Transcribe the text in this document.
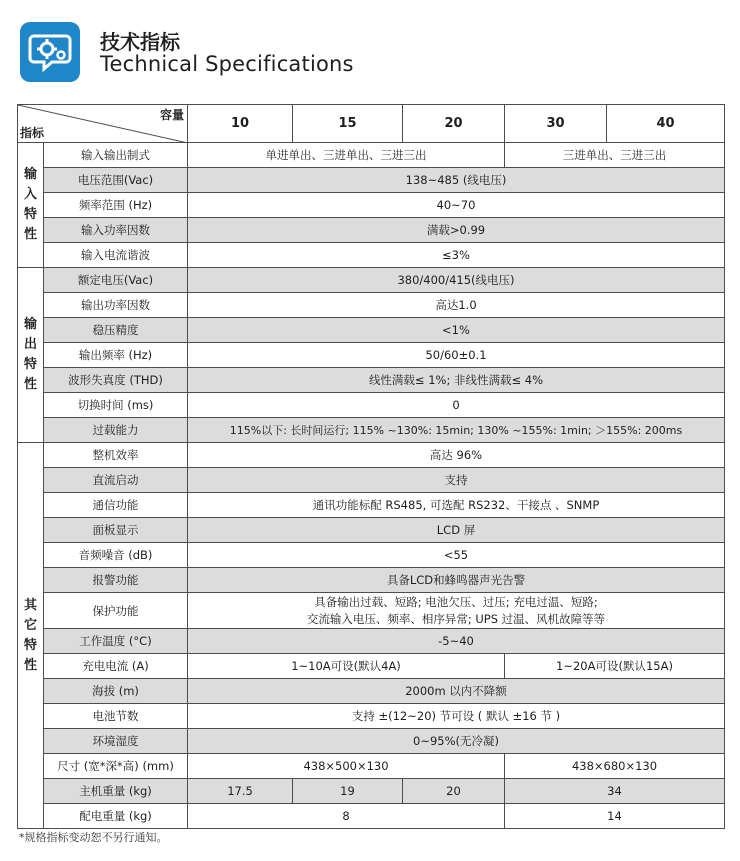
技术指标
Technical Specifications
容量
指标		10	15	20	30	40
输入特性	输入输出制式	单进单出、三进单出、三进三出			三进单出、三进三出	
	电压范围(Vac)	138~485 (线电压)				
	频率范围 (Hz)	40~70				
	输入功率因数	满载>0.99				
	输入电流谐波	≤3%				
输出特性	额定电压(Vac)	380/400/415(线电压)				
	输出功率因数	高达1.0				
	稳压精度	<1%				
	输出频率 (Hz)	50/60±0.1				
	波形失真度 (THD)	线性满载≤ 1%; 非线性满载≤ 4%				
	切换时间 (ms)	0				
	过载能力	115%以下: 长时间运行; 115% ~130%: 15min; 130% ~155%: 1min; ＞155%: 200ms				
其它特性	整机效率	高达 96%				
	直流启动	支持				
	通信功能	通讯功能标配 RS485, 可选配 RS232、干接点 、SNMP				
	面板显示	LCD 屏				
	音频噪音 (dB)	<55				
	报警功能	具备LCD和蜂鸣器声光告警				
	保护功能	具备输出过载、短路; 电池欠压、过压; 充电过温、短路;
交流输入电压、频率、相序异常; UPS 过温、风机故障等等				

	工作温度 (°C)	-5~40				
	充电电流 (A)	1~10A可设(默认4A)			1~20A可设(默认15A)	
	海拔 (m)	2000m 以内不降额				
	电池节数	支持 ±(12~20) 节可设 ( 默认 ±16 节 )				
	环境湿度	0~95%(无冷凝)				
	尺寸 (宽*深*高) (mm)	438×500×130			438×680×130	
	主机重量 (kg)	17.5	19	20	34	
	配电重量 (kg)	8			14	
*规格指标变动恕不另行通知。
